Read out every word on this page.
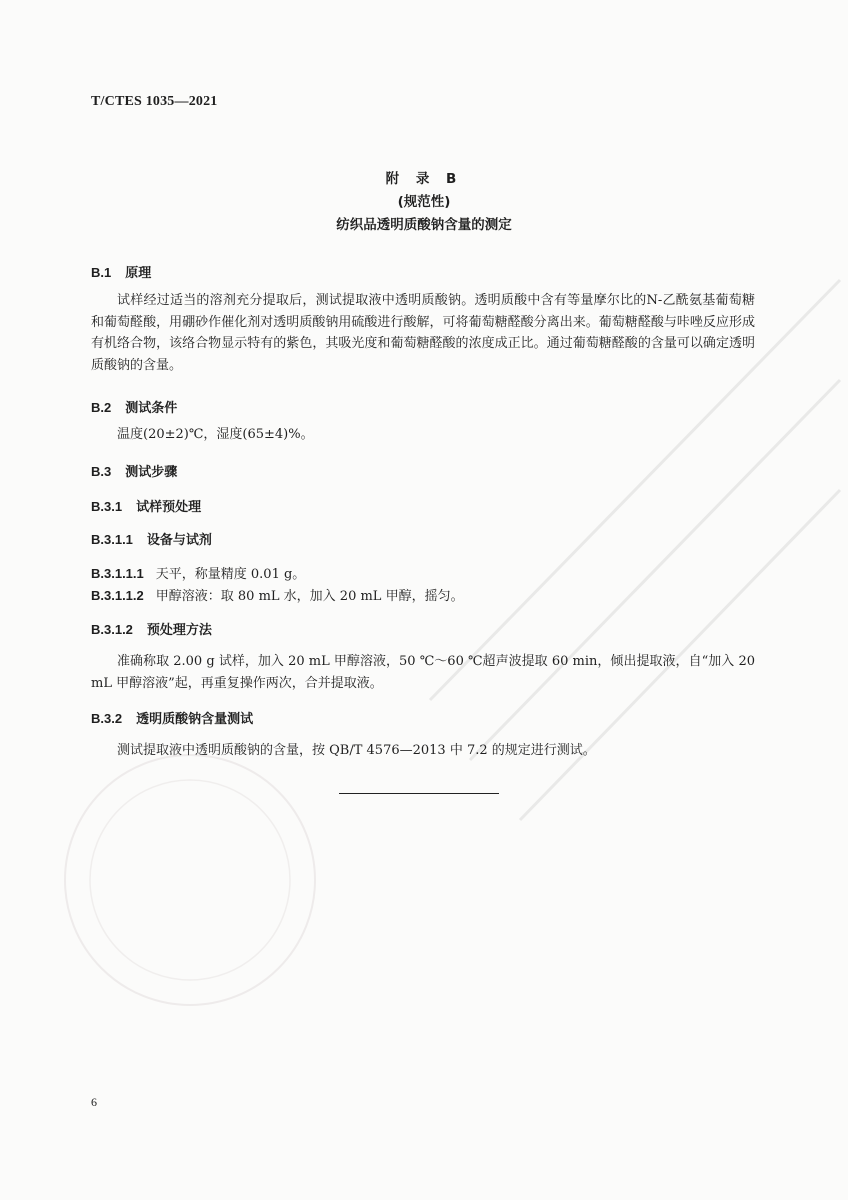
T/CTES 1035—2021
附 录 B
(规范性)
纺织品透明质酸钠含量的测定
B.1 原理
试样经过适当的溶剂充分提取后，测试提取液中透明质酸钠。透明质酸中含有等量摩尔比的N-乙酰氨基葡萄糖和葡萄醛酸，用硼砂作催化剂对透明质酸钠用硫酸进行酸解，可将葡萄糖醛酸分离出来。葡萄糖醛酸与咔唑反应形成有机络合物，该络合物显示特有的紫色，其吸光度和葡萄糖醛酸的浓度成正比。通过葡萄糖醛酸的含量可以确定透明质酸钠的含量。
B.2 测试条件
温度(20±2)℃，湿度(65±4)%。
B.3 测试步骤
B.3.1 试样预处理
B.3.1.1 设备与试剂
B.3.1.1.1 天平，称量精度 0.01 g。
B.3.1.1.2 甲醇溶液：取 80 mL 水，加入 20 mL 甲醇，摇匀。
B.3.1.2 预处理方法
准确称取 2.00 g 试样，加入 20 mL 甲醇溶液，50 ℃～60 ℃超声波提取 60 min，倾出提取液，自“加入 20 mL 甲醇溶液”起，再重复操作两次，合并提取液。
B.3.2 透明质酸钠含量测试
测试提取液中透明质酸钠的含量，按 QB/T 4576—2013 中 7.2 的规定进行测试。
6
